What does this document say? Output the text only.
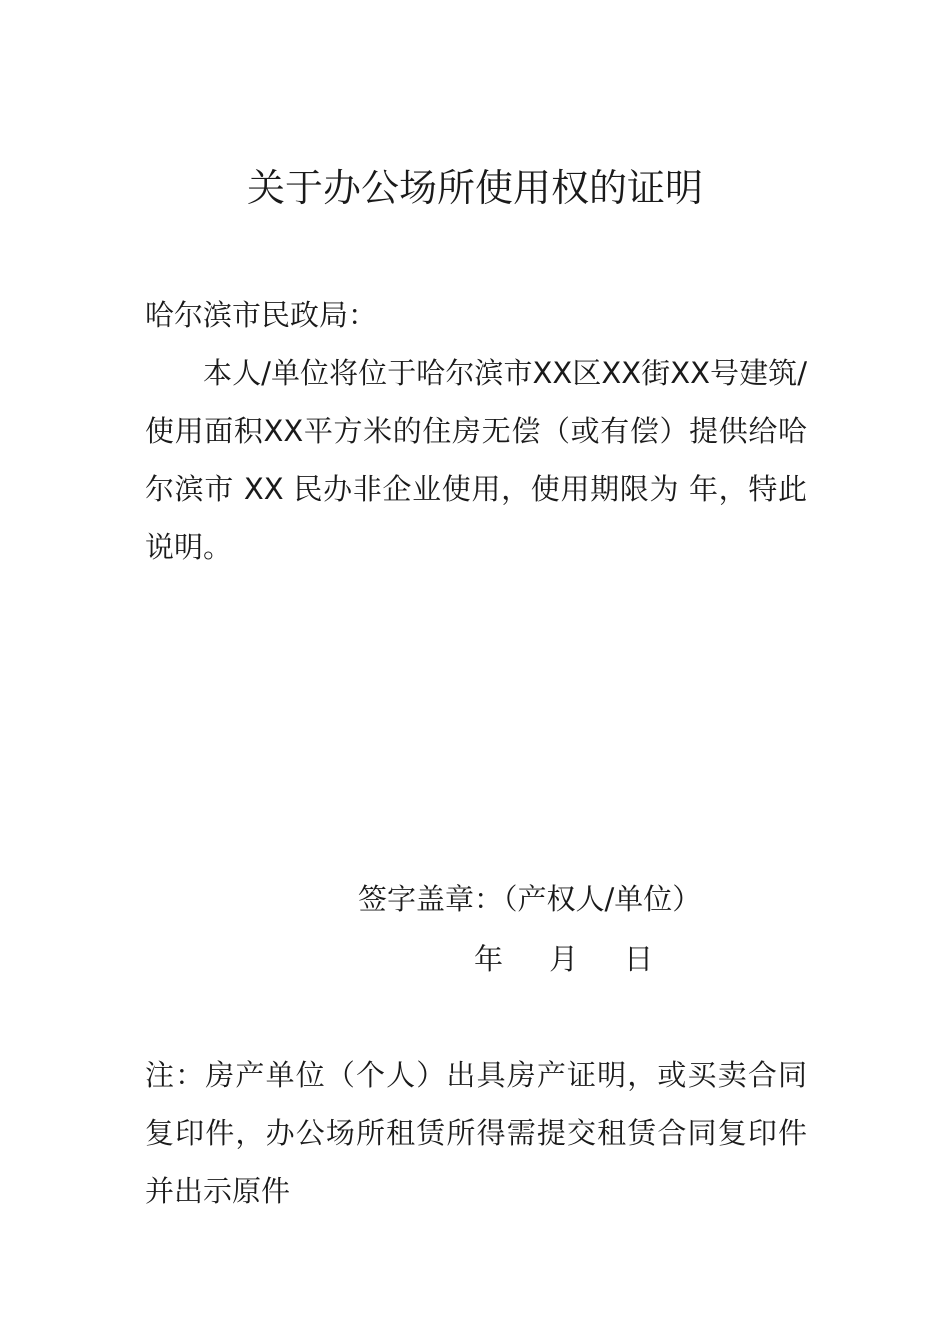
关于办公场所使用权的证明
哈尔滨市民政局：
本人/单位将位于哈尔滨市XX区XX街XX号建筑/使用面积XX平方米的住房无偿（或有偿）提供给哈尔滨市 XX 民办非企业使用，使用期限为 年，特此说明。
签字盖章：（产权人/单位）
年     月     日
注：房产单位（个人）出具房产证明，或买卖合同复印件，办公场所租赁所得需提交租赁合同复印件并出示原件
